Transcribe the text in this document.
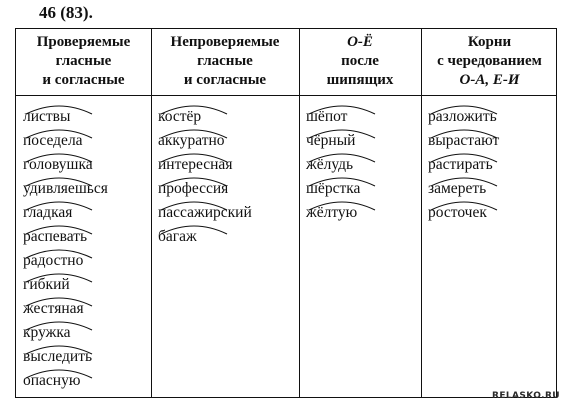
46 (83).
Проверяемые
гласные
и согласные
листвы
поседела
головушка
удивляешься
гладкая
распевать
радостно
гибкий
жестяная
кружка
выследить
опасную
Непроверяемые
гласные
и согласные
костёр
аккуратно
интересная
профессия
пассажирский
багаж
О-Ё
после
шипящих
шёпот
чёрный
жёлудь
шёрстка
жёлтую
Корни
с чередованием
О-А, Е-И
разложить
вырастают
растирать
замереть
росточек
RELASKO.RU
